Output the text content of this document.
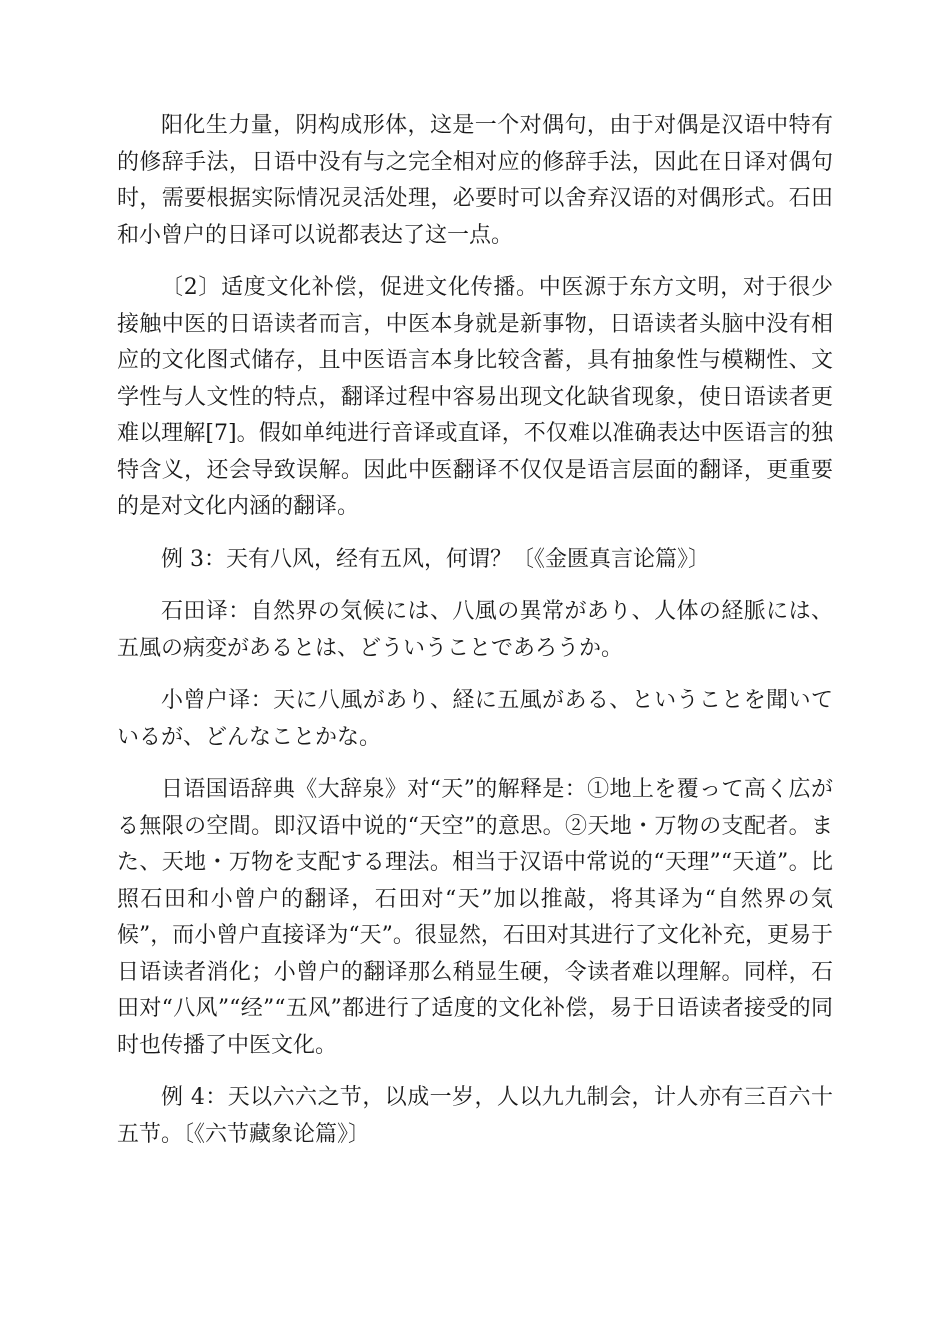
阳化生力量，阴构成形体，这是一个对偶句，由于对偶是汉语中特有的修辞手法，日语中没有与之完全相对应的修辞手法，因此在日译对偶句时，需要根据实际情况灵活处理，必要时可以舍弃汉语的对偶形式。石田和小曾户的日译可以说都表达了这一点。

〔2〕适度文化补偿，促进文化传播。中医源于东方文明，对于很少接触中医的日语读者而言，中医本身就是新事物，日语读者头脑中没有相应的文化图式储存，且中医语言本身比较含蓄，具有抽象性与模糊性、文学性与人文性的特点，翻译过程中容易出现文化缺省现象，使日语读者更难以理解[7]。假如单纯进行音译或直译，不仅难以准确表达中医语言的独特含义，还会导致误解。因此中医翻译不仅仅是语言层面的翻译，更重要的是对文化内涵的翻译。

例 3：天有八风，经有五风，何谓？〔《金匮真言论篇》〕

石田译：自然界の気候には、八風の異常があり、人体の経脈には、五風の病変があるとは、どういうことであろうか。

小曾户译：天に八風があり、経に五風がある、ということを聞いているが、どんなことかな。

日语国语辞典《大辞泉》对“天”的解释是：①地上を覆って高く広がる無限の空間。即汉语中说的“天空”的意思。②天地・万物の支配者。また、天地・万物を支配する理法。相当于汉语中常说的“天理”“天道”。比照石田和小曾户的翻译，石田对“天”加以推敲，将其译为“自然界の気候”，而小曾户直接译为“天”。很显然，石田对其进行了文化补充，更易于日语读者消化；小曾户的翻译那么稍显生硬，令读者难以理解。同样，石田对“八风”“经”“五风”都进行了适度的文化补偿，易于日语读者接受的同时也传播了中医文化。

例 4：天以六六之节，以成一岁，人以九九制会，计人亦有三百六十五节。〔《六节藏象论篇》〕
